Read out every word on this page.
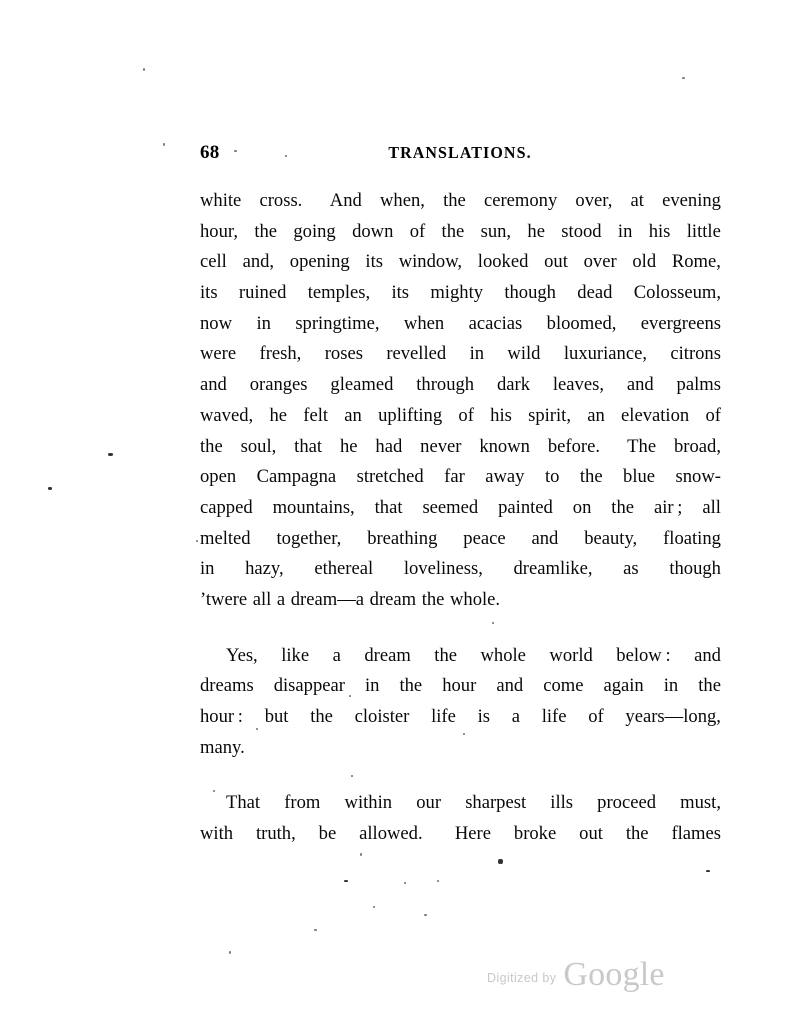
68	TRANSLATIONS.
white cross. And when, the ceremony over, at evening
hour, the going down of the sun, he stood in his little
cell and, opening its window, looked out over old Rome,
its ruined temples, its mighty though dead Colosseum,
now in springtime, when acacias bloomed, evergreens
were fresh, roses revelled in wild luxuriance, citrons
and oranges gleamed through dark leaves, and palms
waved, he felt an uplifting of his spirit, an elevation of
the soul, that he had never known before. The broad,
open Campagna stretched far away to the blue snow-
capped mountains, that seemed painted on the air ; all
melted together, breathing peace and beauty, floating
in hazy, ethereal loveliness, dreamlike, as though
’twere all a dream—a dream the whole.
Yes, like a dream the whole world below : and
dreams disappear in the hour and come again in the
hour : but the cloister life is a life of years—long,
many.
That from within our sharpest ills proceed must,
with truth, be allowed. Here broke out the flames
Digitized by Google
